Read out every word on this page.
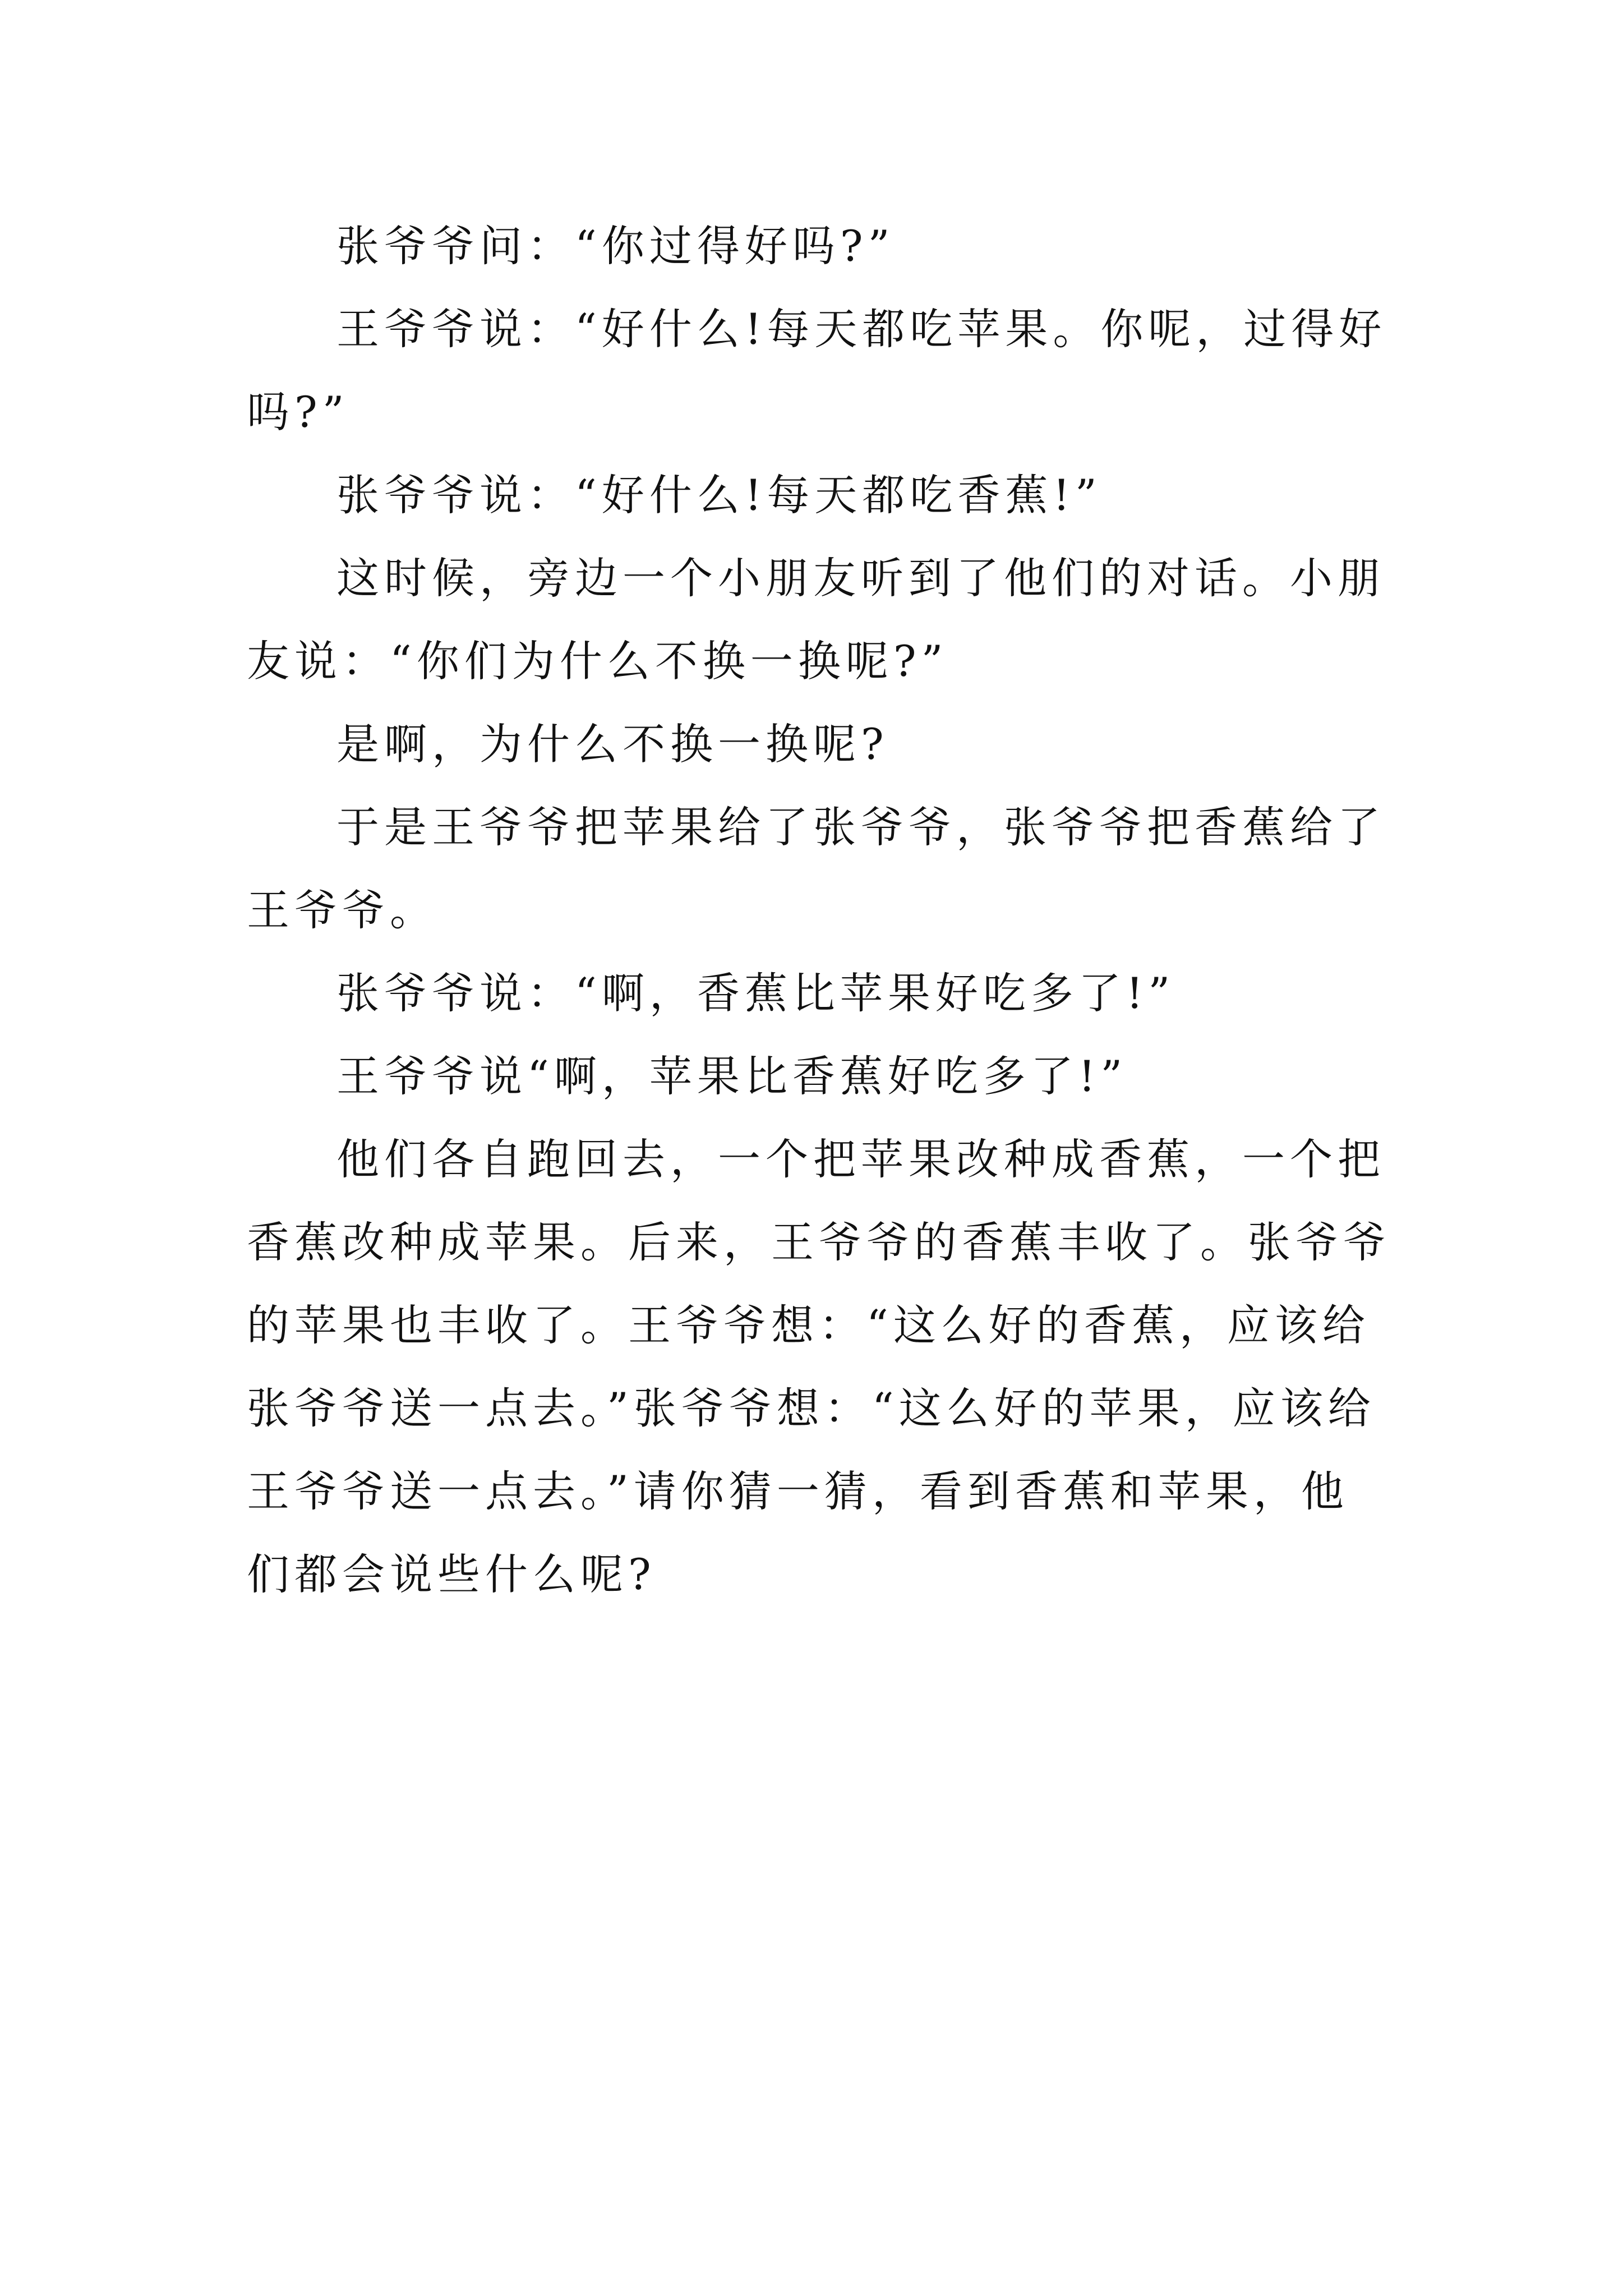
张爷爷问：“你过得好吗?”

王爷爷说：“好什么!每天都吃苹果。你呢，过得好吗?”

张爷爷说：“好什么!每天都吃香蕉!”

这时候，旁边一个小朋友听到了他们的对话。小朋友说：“你们为什么不换一换呢?”

是啊，为什么不换一换呢?

于是王爷爷把苹果给了张爷爷，张爷爷把香蕉给了王爷爷。

张爷爷说：“啊，香蕉比苹果好吃多了!”

王爷爷说“啊，苹果比香蕉好吃多了!”

他们各自跑回去，一个把苹果改种成香蕉，一个把香蕉改种成苹果。后来，王爷爷的香蕉丰收了。张爷爷的苹果也丰收了。王爷爷想：“这么好的香蕉，应该给张爷爷送一点去。”张爷爷想：“这么好的苹果，应该给王爷爷送一点去。”请你猜一猜，看到香蕉和苹果，他们都会说些什么呢?
